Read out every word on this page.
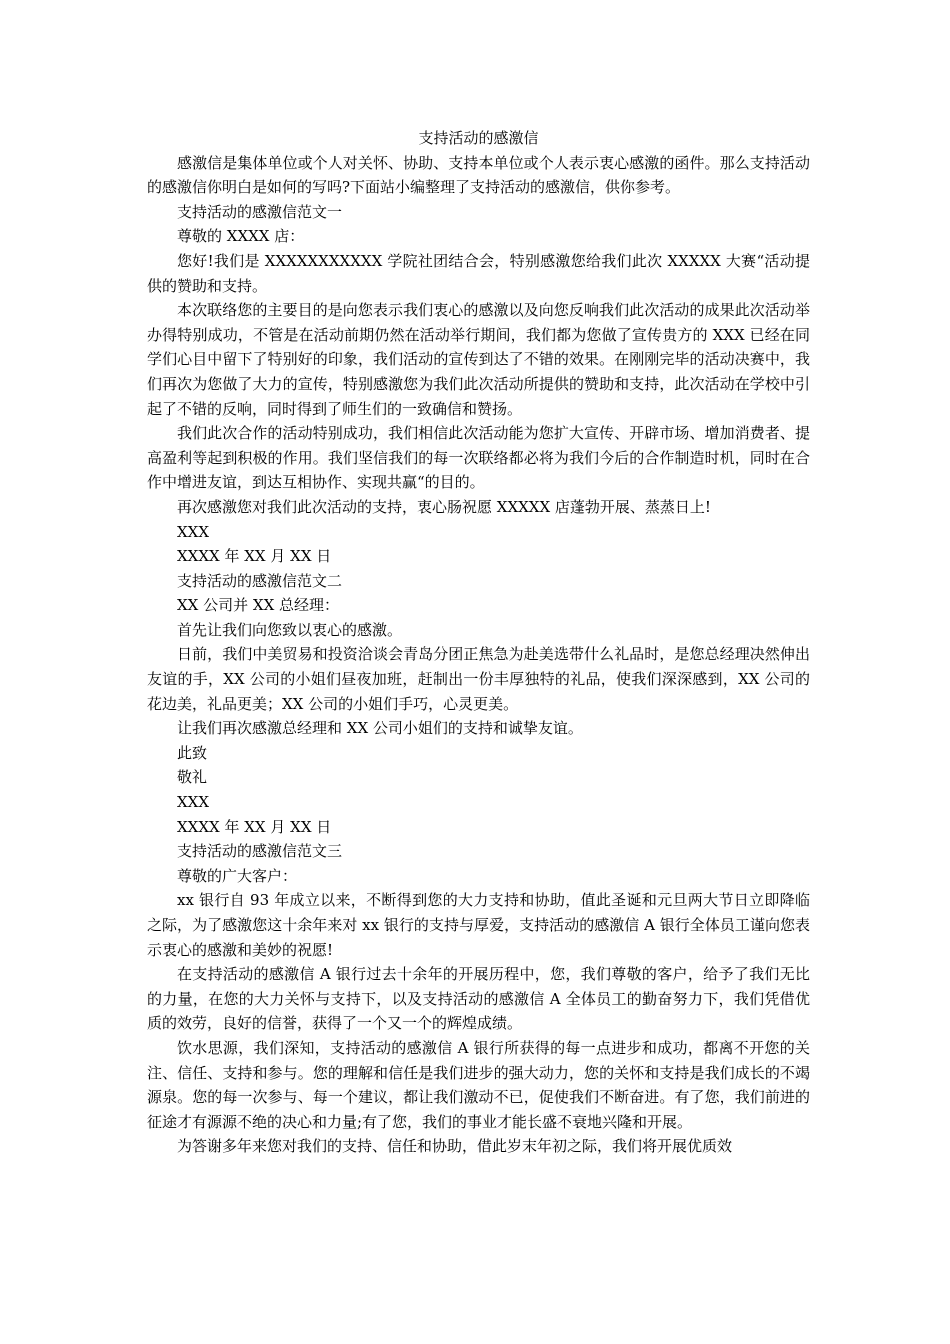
支持活动的感激信

感激信是集体单位或个人对关怀、协助、支持本单位或个人表示衷心感激的函件。那么支持活动的感激信你明白是如何的写吗?下面站小编整理了支持活动的感激信，供你参考。

支持活动的感激信范文一

尊敬的 XXXX 店：

您好!我们是 XXXXXXXXXXX 学院社团结合会，特别感激您给我们此次 XXXXX 大赛“活动提供的赞助和支持。

本次联络您的主要目的是向您表示我们衷心的感激以及向您反响我们此次活动的成果此次活动举办得特别成功，不管是在活动前期仍然在活动举行期间，我们都为您做了宣传贵方的 XXX 已经在同学们心目中留下了特别好的印象，我们活动的宣传到达了不错的效果。在刚刚完毕的活动决赛中，我们再次为您做了大力的宣传，特别感激您为我们此次活动所提供的赞助和支持，此次活动在学校中引起了不错的反响，同时得到了师生们的一致确信和赞扬。

我们此次合作的活动特别成功，我们相信此次活动能为您扩大宣传、开辟市场、增加消费者、提高盈利等起到积极的作用。我们坚信我们的每一次联络都必将为我们今后的合作制造时机，同时在合作中增进友谊，到达互相协作、实现共赢“的目的。

再次感激您对我们此次活动的支持，衷心肠祝愿 XXXXX 店蓬勃开展、蒸蒸日上!

XXX

XXXX 年 XX 月 XX 日

支持活动的感激信范文二

XX 公司并 XX 总经理：

首先让我们向您致以衷心的感激。

日前，我们中美贸易和投资洽谈会青岛分团正焦急为赴美选带什么礼品时，是您总经理决然伸出友谊的手，XX 公司的小姐们昼夜加班，赶制出一份丰厚独特的礼品，使我们深深感到，XX 公司的花边美，礼品更美；XX 公司的小姐们手巧，心灵更美。

让我们再次感激总经理和 XX 公司小姐们的支持和诚挚友谊。

此致

敬礼

XXX

XXXX 年 XX 月 XX 日

支持活动的感激信范文三

尊敬的广大客户：

xx 银行自 93 年成立以来，不断得到您的大力支持和协助，值此圣诞和元旦两大节日立即降临之际，为了感激您这十余年来对 xx 银行的支持与厚爱，支持活动的感激信 A 银行全体员工谨向您表示衷心的感激和美妙的祝愿!

在支持活动的感激信 A 银行过去十余年的开展历程中，您，我们尊敬的客户，给予了我们无比的力量，在您的大力关怀与支持下，以及支持活动的感激信 A 全体员工的勤奋努力下，我们凭借优质的效劳，良好的信誉，获得了一个又一个的辉煌成绩。

饮水思源，我们深知，支持活动的感激信 A 银行所获得的每一点进步和成功，都离不开您的关注、信任、支持和参与。您的理解和信任是我们进步的强大动力，您的关怀和支持是我们成长的不竭源泉。您的每一次参与、每一个建议，都让我们激动不已，促使我们不断奋进。有了您，我们前进的征途才有源源不绝的决心和力量;有了您，我们的事业才能长盛不衰地兴隆和开展。

为答谢多年来您对我们的支持、信任和协助，借此岁末年初之际，我们将开展优质效
